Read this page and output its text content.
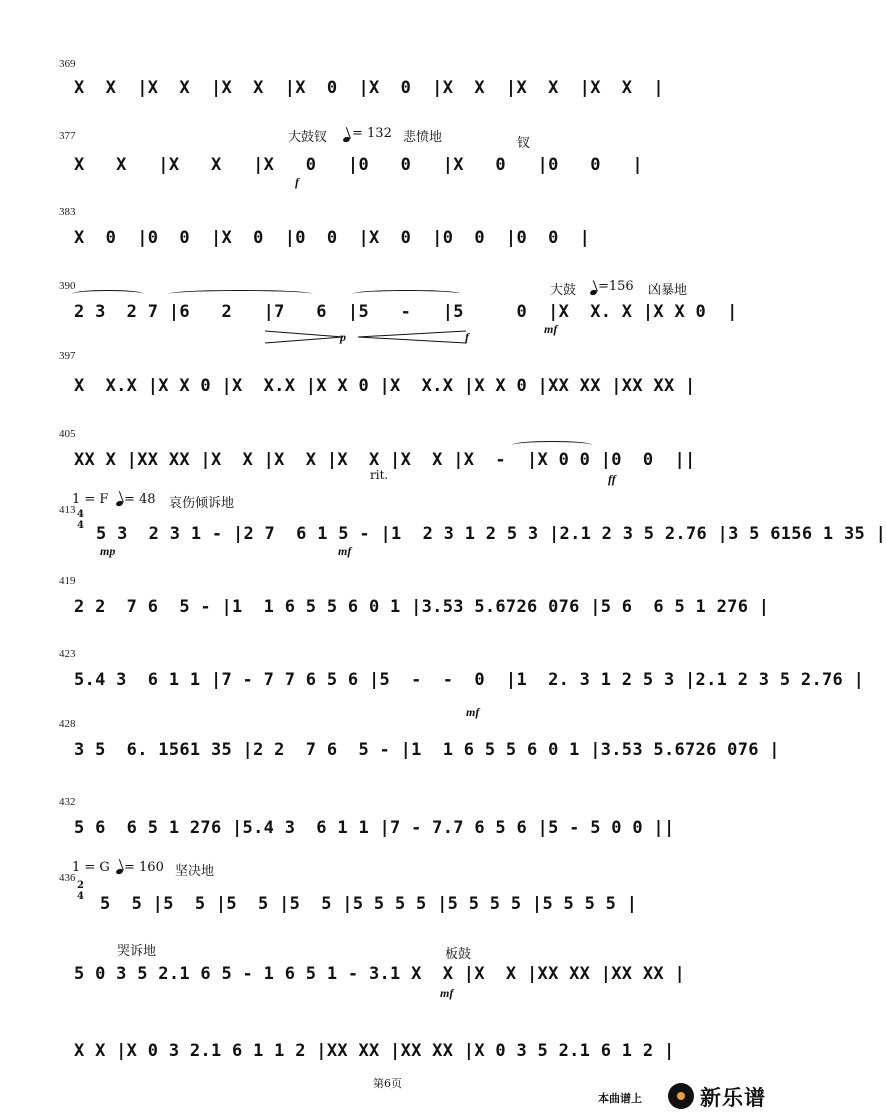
369
X  X  |X  X  |X  X  |X  0  |X  0  |X  X  |X  X  |X  X  |
377	大鼓钗 = 132 悲愤地	钗
X   X   |X   X   |X   0   |0   0   |X   0   |0   0   |
f
383
X  0  |0  0  |X  0  |0  0  |X  0  |0  0  |0  0  |
390	大鼓 =156 凶暴地
2 3  2 7 |6   2   |7   6  |5   -   |5     0  |X  X. X |X X 0  |
p	f
mf
397
X  X.X |X X 0 |X  X.X |X X 0 |X  X.X |X X 0 |XX XX |XX XX |
405
XX X |XX XX |X  X |X  X |X  X |X  X |X  -  |X 0 0 |0  0  ||
rit.	ff
413
1 = F = 48 哀伤倾诉地
4
4 5 3  2 3 1 - |2 7  6 1 5 - |1  2 3 1 2 5 3 |2.1 2 3 5 2.76 |3 5 6156 1 35 |
mp	mf
419
2 2  7 6  5 - |1  1 6 5 5 6 0 1 |3.53 5.6726 076 |5 6  6 5 1 276 |
423
5.4 3  6 1 1 |7 - 7 7 6 5 6 |5  -  -  0  |1  2. 3 1 2 5 3 |2.1 2 3 5 2.76 |
mf
428
3 5  6. 1561 35 |2 2  7 6  5 - |1  1 6 5 5 6 0 1 |3.53 5.6726 076 |
432
5 6  6 5 1 276 |5.4 3  6 1 1 |7 - 7.7 6 5 6 |5 - 5 0 0 ||
436
1 = G = 160 坚决地
2
4 5  5 |5  5 |5  5 |5  5 |5 5 5 5 |5 5 5 5 |5 5 5 5 |
哭诉地	板鼓
5 0 3 5 2.1 6 5 - 1 6 5 1 - 3.1 X  X |X  X |XX XX |XX XX |
mf
X X |X 0 3 2.1 6 1 1 2 |XX XX |XX XX |X 0 3 5 2.1 6 1 2 |
第6页
本曲谱上	新乐谱
